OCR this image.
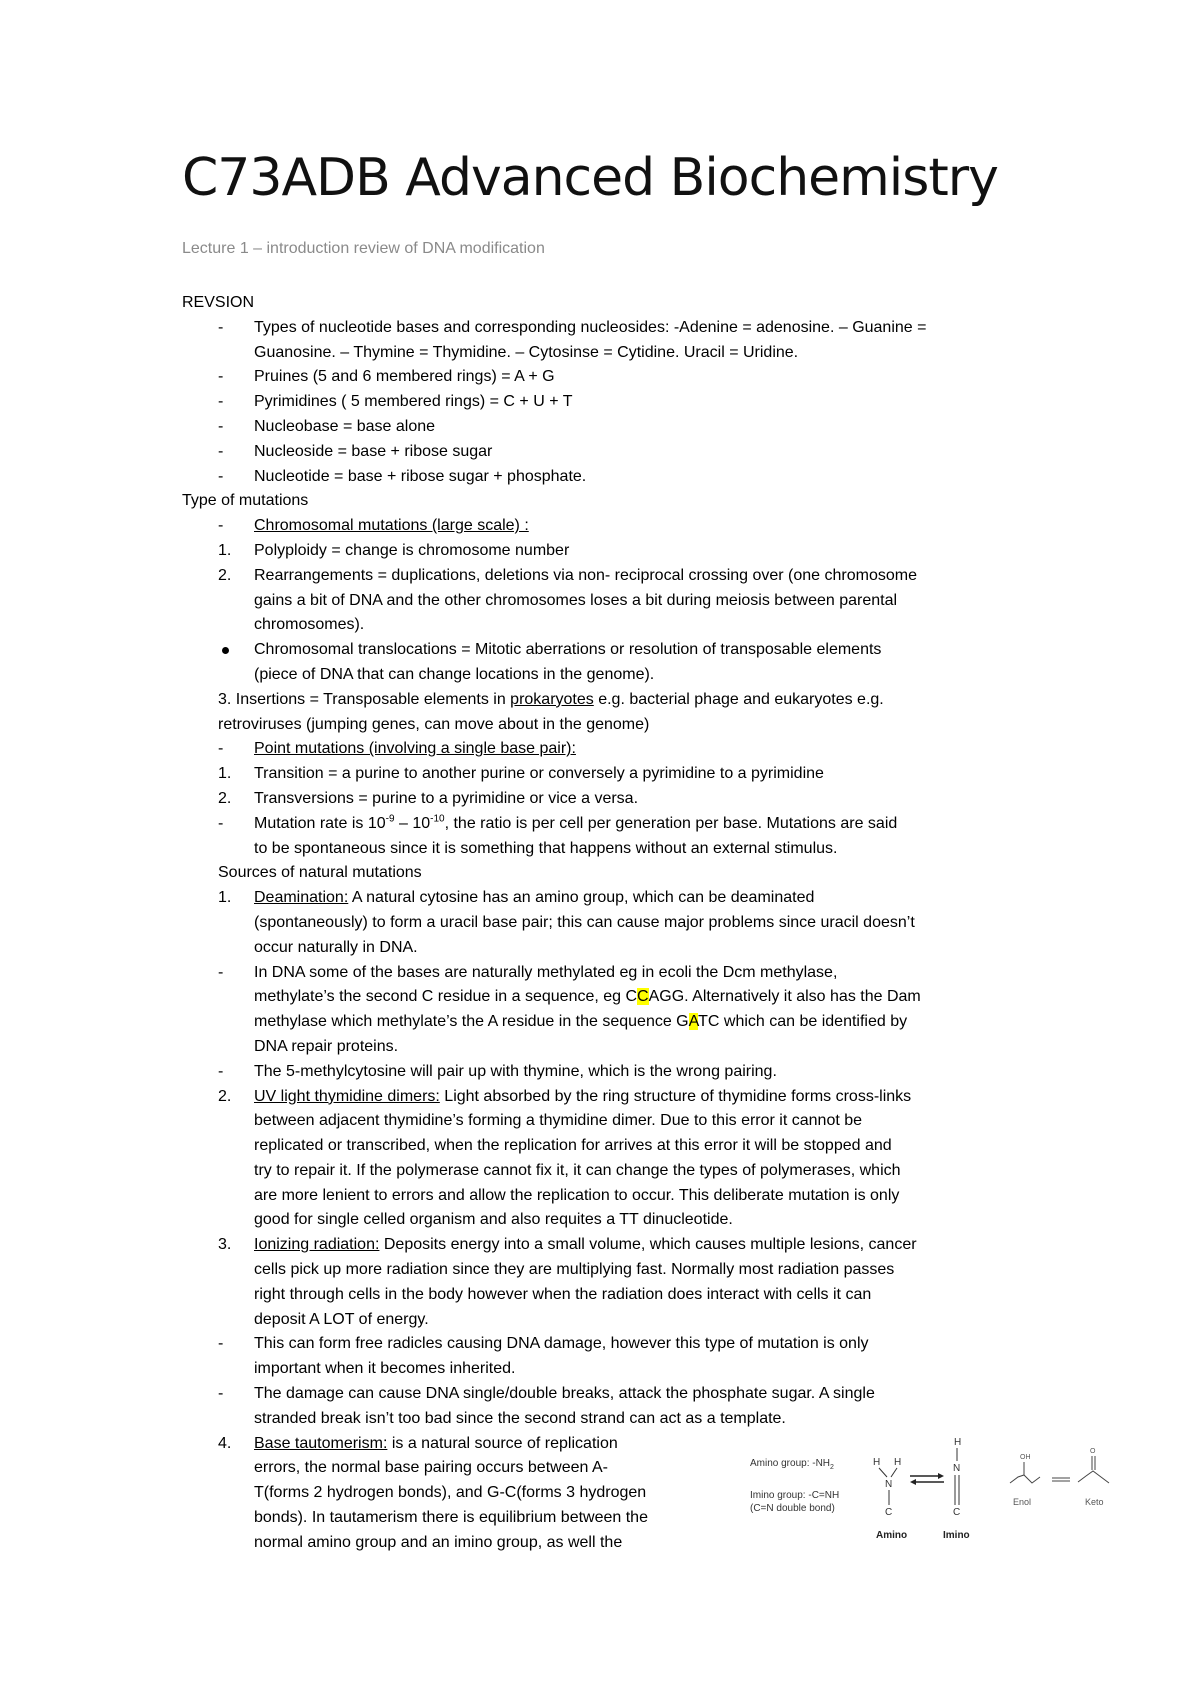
C73ADB Advanced Biochemistry
Lecture 1 – introduction review of DNA modification
REVSION
-	Types of nucleotide bases and corresponding nucleosides: -Adenine = adenosine. – Guanine =
Guanosine. – Thymine = Thymidine. – Cytosinse = Cytidine. Uracil = Uridine.
-	Pruines (5 and 6 membered rings) = A + G
-	Pyrimidines ( 5 membered rings) = C + U + T
-	Nucleobase = base alone
-	Nucleoside = base + ribose sugar
-	Nucleotide = base + ribose sugar + phosphate.
Type of mutations
-	Chromosomal mutations (large scale) :
1.	Polyploidy = change is chromosome number
2.	Rearrangements = duplications, deletions via non- reciprocal crossing over (one chromosome
gains a bit of DNA and the other chromosomes loses a bit during meiosis between parental
chromosomes).
Chromosomal translocations = Mitotic aberrations or resolution of transposable elements
(piece of DNA that can change locations in the genome).
3. Insertions = Transposable elements in prokaryotes e.g. bacterial phage and eukaryotes e.g.
retroviruses (jumping genes, can move about in the genome)
-	Point mutations (involving a single base pair):
1.	Transition = a purine to another purine or conversely a pyrimidine to a pyrimidine
2.	Transversions = purine to a pyrimidine or vice a versa.
-	Mutation rate is $10^{-9} - 10^{-10}$, the ratio is per cell per generation per base. Mutations are said
to be spontaneous since it is something that happens without an external stimulus.
Sources of natural mutations
1.	Deamination: A natural cytosine has an amino group, which can be deaminated
(spontaneously) to form a uracil base pair; this can cause major problems since uracil doesn’t
occur naturally in DNA.
-	In DNA some of the bases are naturally methylated eg in ecoli the Dcm methylase,
methylate’s the second C residue in a sequence, eg CCAGG. Alternatively it also has the Dam
methylase which methylate’s the A residue in the sequence GATC which can be identified by
DNA repair proteins.
-	The 5-methylcytosine will pair up with thymine, which is the wrong pairing.
2.	UV light thymidine dimers: Light absorbed by the ring structure of thymidine forms cross-links
between adjacent thymidine’s forming a thymidine dimer. Due to this error it cannot be
replicated or transcribed, when the replication for arrives at this error it will be stopped and
try to repair it. If the polymerase cannot fix it, it can change the types of polymerases, which
are more lenient to errors and allow the replication to occur. This deliberate mutation is only
good for single celled organism and also requites a TT dinucleotide.
3.	Ionizing radiation: Deposits energy into a small volume, which causes multiple lesions, cancer
cells pick up more radiation since they are multiplying fast. Normally most radiation passes
right through cells in the body however when the radiation does interact with cells it can
deposit A LOT of energy.
-	This can form free radicles causing DNA damage, however this type of mutation is only
important when it becomes inherited.
-	The damage can cause DNA single/double breaks, attack the phosphate sugar. A single
stranded break isn’t too bad since the second strand can act as a template.
4.	Base tautomerism: is a natural source of replication
errors, the normal base pairing occurs between A-
T(forms 2 hydrogen bonds), and G-C(forms 3 hydrogen
bonds). In tautamerism there is equilibrium between the
normal amino group and an imino group, as well the
Amino group: $-NH_2$
Imino group: -C=NH
(C=N double bond)
H H
N
C
Amino
H
N
C
Imino
OH
Enol
O
Keto
